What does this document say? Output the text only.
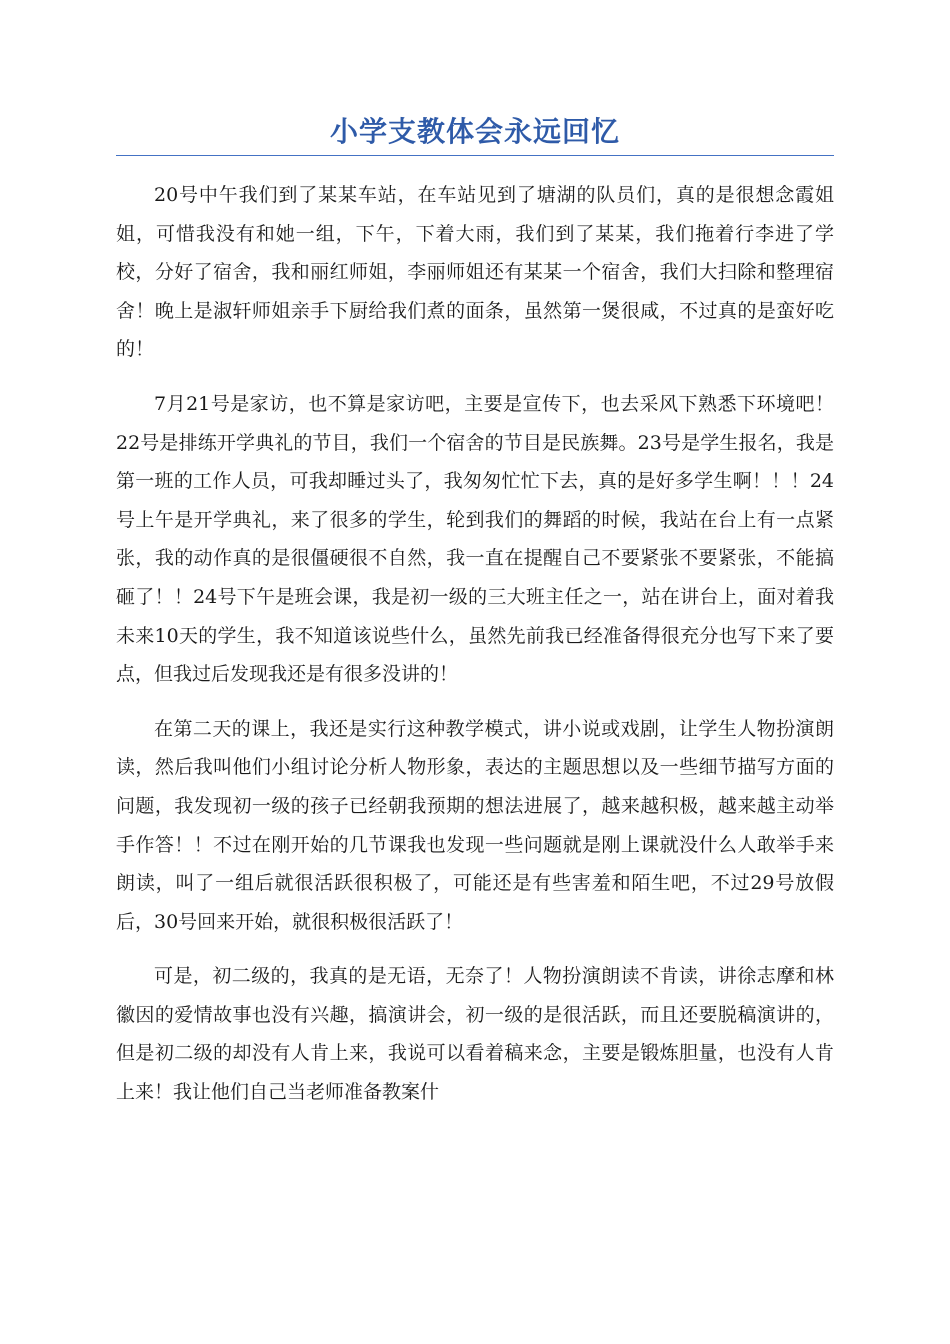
小学支教体会永远回忆

20号中午我们到了某某车站，在车站见到了塘湖的队员们，真的是很想念霞姐姐，可惜我没有和她一组，下午，下着大雨，我们到了某某，我们拖着行李进了学校，分好了宿舍，我和丽红师姐，李丽师姐还有某某一个宿舍，我们大扫除和整理宿舍！晚上是淑轩师姐亲手下厨给我们煮的面条，虽然第一煲很咸，不过真的是蛮好吃的！

7月21号是家访，也不算是家访吧，主要是宣传下，也去采风下熟悉下环境吧！22号是排练开学典礼的节目，我们一个宿舍的节目是民族舞。23号是学生报名，我是第一班的工作人员，可我却睡过头了，我匆匆忙忙下去，真的是好多学生啊！！！24号上午是开学典礼，来了很多的学生，轮到我们的舞蹈的时候，我站在台上有一点紧张，我的动作真的是很僵硬很不自然，我一直在提醒自己不要紧张不要紧张，不能搞砸了！！24号下午是班会课，我是初一级的三大班主任之一，站在讲台上，面对着我未来10天的学生，我不知道该说些什么，虽然先前我已经准备得很充分也写下来了要点，但我过后发现我还是有很多没讲的！

在第二天的课上，我还是实行这种教学模式，讲小说或戏剧，让学生人物扮演朗读，然后我叫他们小组讨论分析人物形象，表达的主题思想以及一些细节描写方面的问题，我发现初一级的孩子已经朝我预期的想法进展了，越来越积极，越来越主动举手作答！！不过在刚开始的几节课我也发现一些问题就是刚上课就没什么人敢举手来朗读，叫了一组后就很活跃很积极了，可能还是有些害羞和陌生吧，不过29号放假后，30号回来开始，就很积极很活跃了！

可是，初二级的，我真的是无语，无奈了！人物扮演朗读不肯读，讲徐志摩和林徽因的爱情故事也没有兴趣，搞演讲会，初一级的是很活跃，而且还要脱稿演讲的，但是初二级的却没有人肯上来，我说可以看着稿来念，主要是锻炼胆量，也没有人肯上来！我让他们自己当老师准备教案什
